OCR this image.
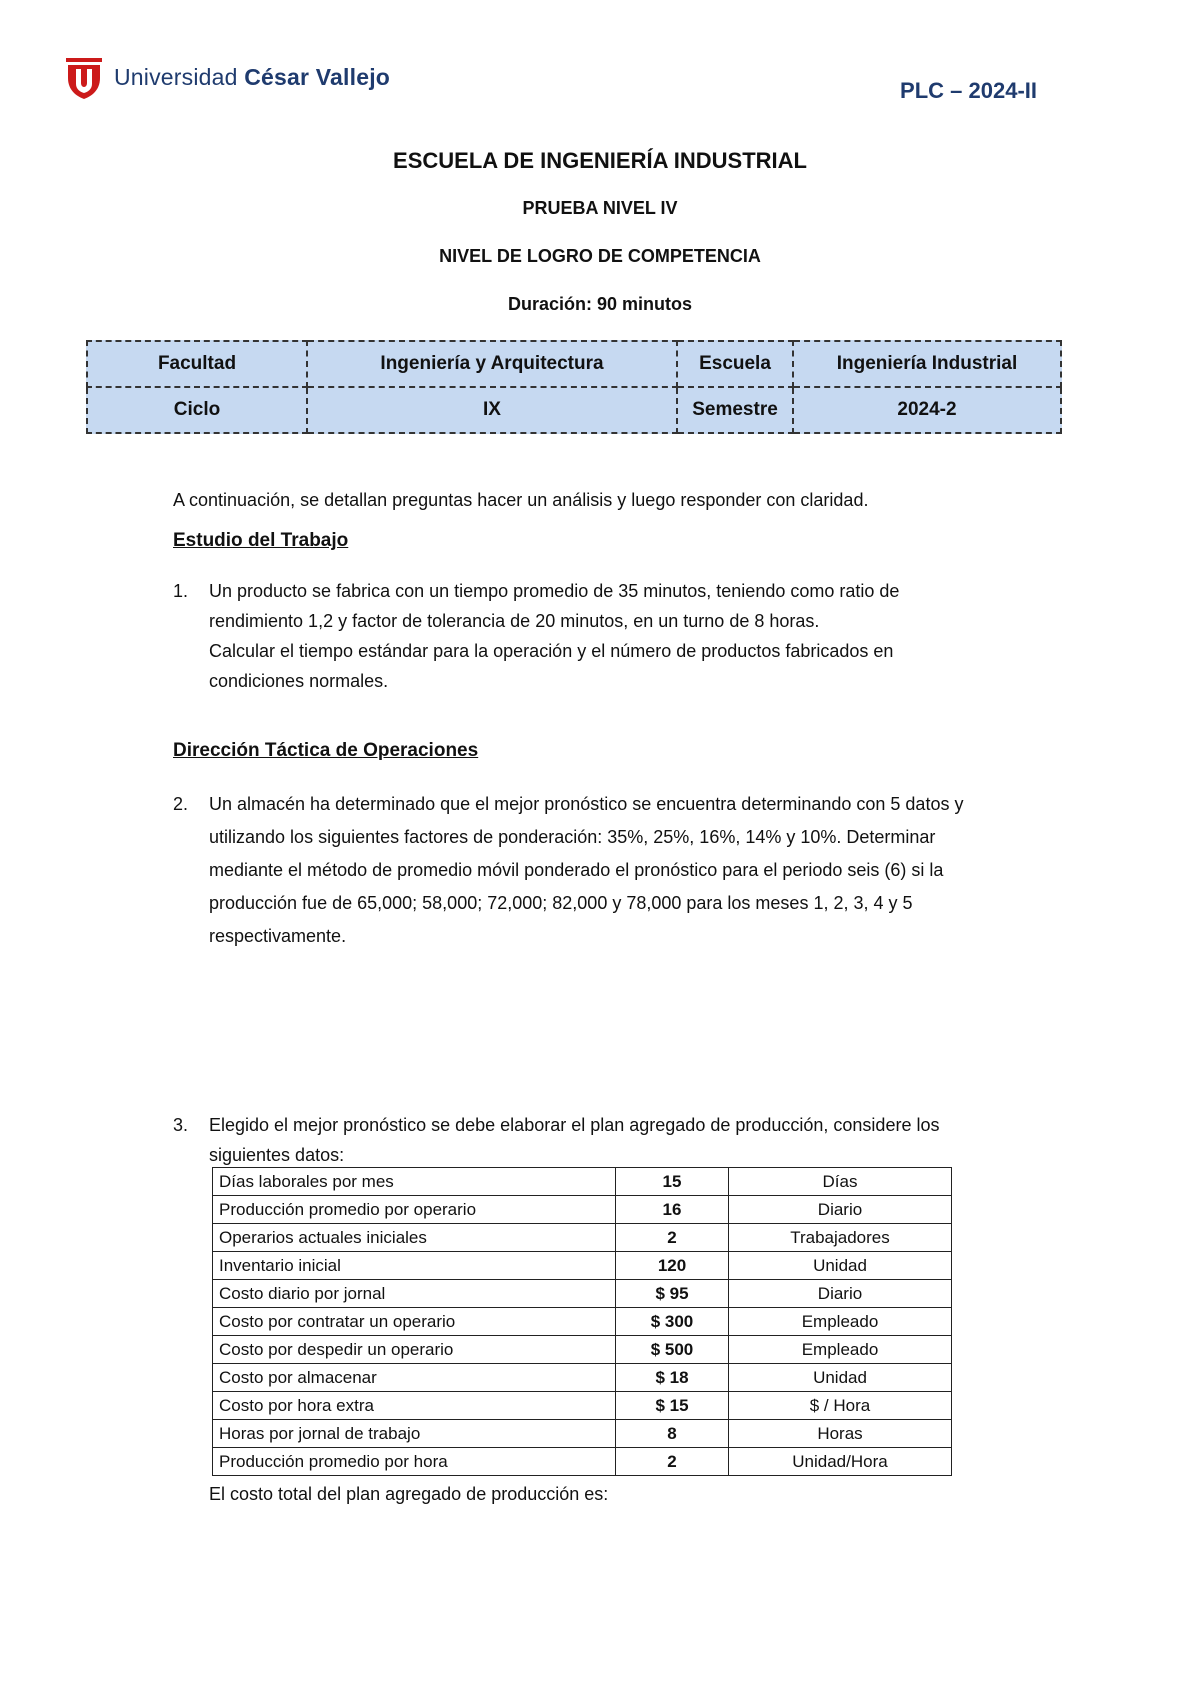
Universidad César Vallejo
PLC – 2024-II
ESCUELA DE INGENIERÍA INDUSTRIAL
PRUEBA NIVEL IV
NIVEL DE LOGRO DE COMPETENCIA
Duración: 90 minutos
Facultad	Ingeniería y Arquitectura	Escuela	Ingeniería Industrial
Ciclo	IX	Semestre	2024-2
A continuación, se detallan preguntas hacer un análisis y luego responder con claridad.
Estudio del Trabajo
1. Un producto se fabrica con un tiempo promedio de 35 minutos, teniendo como ratio de
rendimiento 1,2 y factor de tolerancia de 20 minutos, en un turno de 8 horas.
Calcular el tiempo estándar para la operación y el número de productos fabricados en
condiciones normales.
Dirección Táctica de Operaciones
2. Un almacén ha determinado que el mejor pronóstico se encuentra determinando con 5 datos y
utilizando los siguientes factores de ponderación: 35%, 25%, 16%, 14% y 10%. Determinar
mediante el método de promedio móvil ponderado el pronóstico para el periodo seis (6) si la
producción fue de 65,000; 58,000; 72,000; 82,000 y 78,000 para los meses 1, 2, 3, 4 y 5
respectivamente.
3. Elegido el mejor pronóstico se debe elaborar el plan agregado de producción, considere los
siguientes datos:
Días laborales por mes	15	Días
Producción promedio por operario	16	Diario
Operarios actuales iniciales	2	Trabajadores
Inventario inicial	120	Unidad
Costo diario por jornal	$ 95	Diario
Costo por contratar un operario	$ 300	Empleado
Costo por despedir un operario	$ 500	Empleado
Costo por almacenar	$ 18	Unidad
Costo por hora extra	$ 15	$ / Hora
Horas por jornal de trabajo	8	Horas
Producción promedio por hora	2	Unidad/Hora
El costo total del plan agregado de producción es:
